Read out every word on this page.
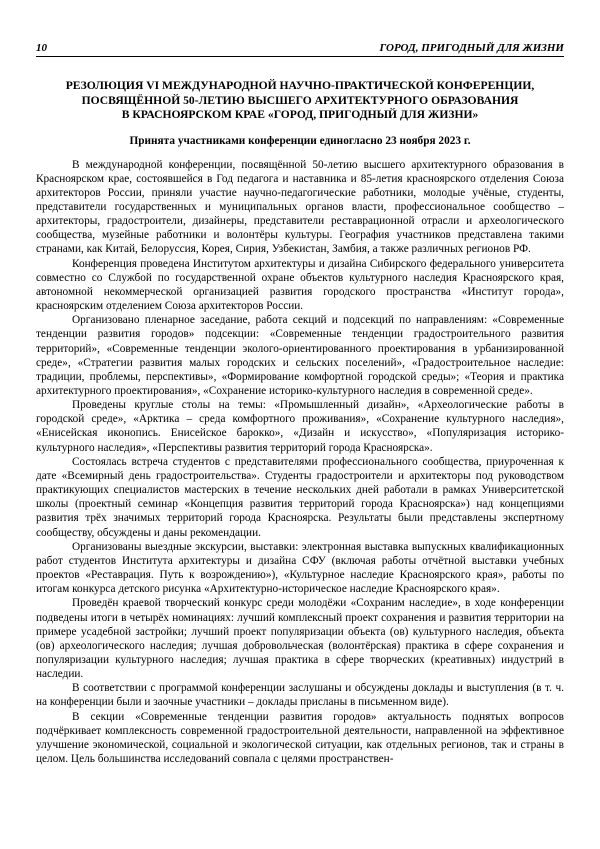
10	ГОРОД, ПРИГОДНЫЙ ДЛЯ ЖИЗНИ
РЕЗОЛЮЦИЯ VI МЕЖДУНАРОДНОЙ НАУЧНО-ПРАКТИЧЕСКОЙ КОНФЕРЕНЦИИ,
ПОСВЯЩЁННОЙ 50-ЛЕТИЮ ВЫСШЕГО АРХИТЕКТУРНОГО ОБРАЗОВАНИЯ
В КРАСНОЯРСКОМ КРАЕ «ГОРОД, ПРИГОДНЫЙ ДЛЯ ЖИЗНИ»
Принята участниками конференции единогласно 23 ноября 2023 г.

В международной конференции, посвящённой 50-летию высшего архитектурного образования в Красноярском крае, состоявшейся в Год педагога и наставника и 85-летия красноярского отделения Союза архитекторов России, приняли участие научно-педагогические работники, молодые учёные, студенты, представители государственных и муниципальных органов власти, профессиональное сообщество – архитекторы, градостроители, дизайнеры, представители реставрационной отрасли и археологического сообщества, музейные работники и волонтёры культуры. География участников представлена такими странами, как Китай, Белоруссия, Корея, Сирия, Узбекистан, Замбия, а также различных регионов РФ.

Конференция проведена Институтом архитектуры и дизайна Сибирского федерального университета совместно со Службой по государственной охране объектов культурного наследия Красноярского края, автономной некоммерческой организацией развития городского пространства «Институт города», красноярским отделением Союза архитекторов России.

Организовано пленарное заседание, работа секций и подсекций по направлениям: «Современные тенденции развития городов» подсекции: «Современные тенденции градостроительного развития территорий», «Современные тенденции эколого-ориентированного проектирования в урбанизированной среде», «Стратегии развития малых городских и сельских поселений», «Градостроительное наследие: традиции, проблемы, перспективы», «Формирование комфортной городской среды»; «Теория и практика архитектурного проектирования», «Сохранение историко-культурного наследия в современной среде».

Проведены круглые столы на темы: «Промышленный дизайн», «Археологические работы в городской среде», «Арктика – среда комфортного проживания», «Сохранение культурного наследия», «Енисейская иконопись. Енисейское барокко», «Дизайн и искусство», «Популяризация историко-культурного наследия», «Перспективы развития территорий города Красноярска».

Состоялась встреча студентов с представителями профессионального сообщества, приуроченная к дате «Всемирный день градостроительства». Студенты градостроители и архитекторы под руководством практикующих специалистов мастерских в течение нескольких дней работали в рамках Университетской школы (проектный семинар «Концепция развития территорий города Красноярска») над концепциями развития трёх значимых территорий города Красноярска. Результаты были представлены экспертному сообществу, обсуждены и даны рекомендации.

Организованы выездные экскурсии, выставки: электронная выставка выпускных квалификационных работ студентов Института архитектуры и дизайна СФУ (включая работы отчётной выставки учебных проектов «Реставрация. Путь к возрождению»), «Культурное наследие Красноярского края», работы по итогам конкурса детского рисунка «Архитектурно-историческое наследие Красноярского края».

Проведён краевой творческий конкурс среди молодёжи «Сохраним наследие», в ходе конференции подведены итоги в четырёх номинациях: лучший комплексный проект сохранения и развития территории на примере усадебной застройки; лучший проект популяризации объекта (ов) культурного наследия, объекта (ов) археологического наследия; лучшая добровольческая (волонтёрская) практика в сфере сохранения и популяризации культурного наследия; лучшая практика в сфере творческих (креативных) индустрий в наследии.

В соответствии с программой конференции заслушаны и обсуждены доклады и выступления (в т. ч. на конференции были и заочные участники – доклады присланы в письменном виде).

В секции «Современные тенденции развития городов» актуальность поднятых вопросов подчёркивает комплексность современной градостроительной деятельности, направленной на эффективное улучшение экономической, социальной и экологической ситуации, как отдельных регионов, так и страны в целом. Цель большинства исследований совпала с целями пространствен-
